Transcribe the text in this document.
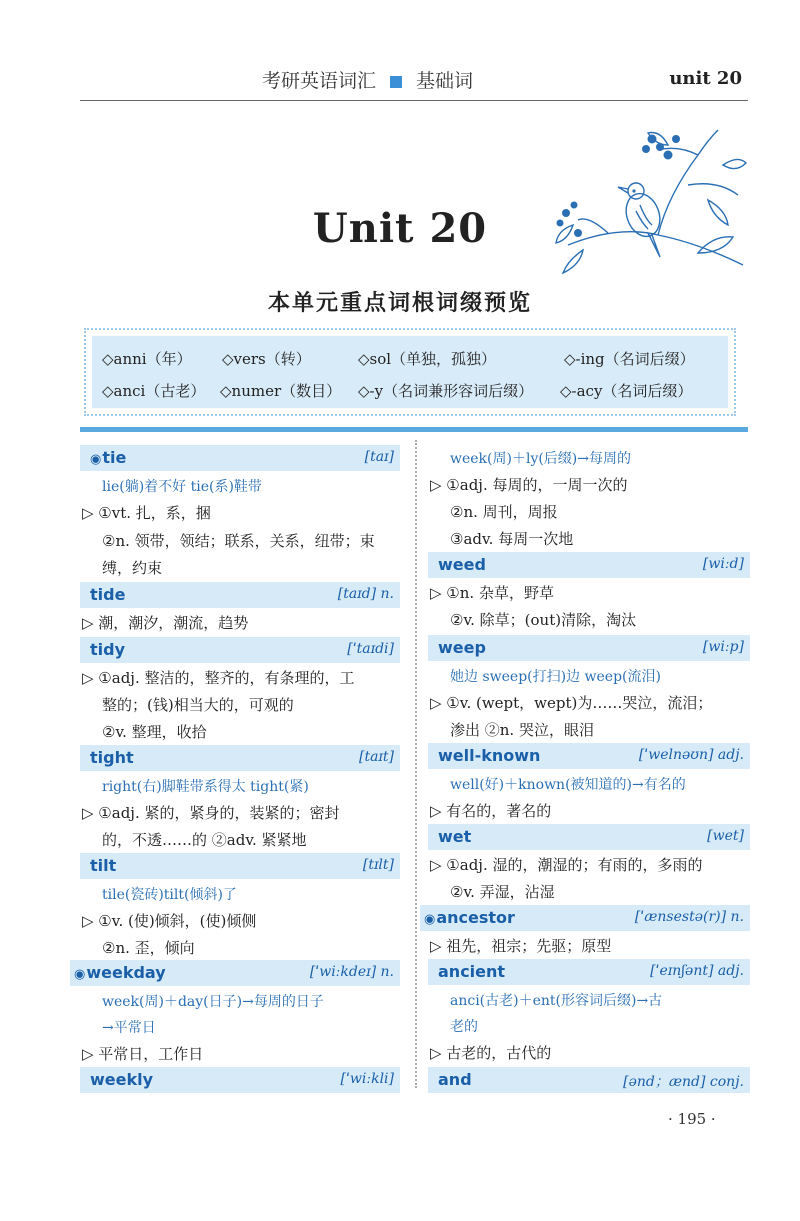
考研英语词汇 基础词	unit 20
Unit 20
本单元重点词根词缀预览
◇anni（年） ◇vers（转）	◇sol（单独，孤独）	◇-ing（名词后缀）
◇anci（古老） ◇numer（数目） ◇-y（名词兼形容词后缀） ◇-acy（名词后缀）
◉ tie	[taɪ]
lie(躺)着不好 tie(系)鞋带
▷ ①vt. 扎，系，捆
②n. 领带，领结；联系，关系，纽带；束
缚，约束
tide	[taɪd] n.
▷ 潮，潮汐，潮流，趋势
tidy	[ˈtaɪdi]
▷ ①adj. 整洁的，整齐的，有条理的，工
整的；(钱)相当大的，可观的
②v. 整理，收拾
tight	[taɪt]
right(右)脚鞋带系得太 tight(紧)
▷ ①adj. 紧的，紧身的，装紧的；密封
的，不透……的 ②adv. 紧紧地
tilt	[tɪlt]
tile(瓷砖)tilt(倾斜)了
▷ ①v. (使)倾斜，(使)倾侧
②n. 歪，倾向
◉ weekday	[ˈwiːkdeɪ] n.
week(周)＋day(日子)→每周的日子
→平常日
▷ 平常日，工作日
weekly	[ˈwiːkli]
week(周)＋ly(后缀)→每周的
▷ ①adj. 每周的，一周一次的
②n. 周刊，周报
③adv. 每周一次地
weed	[wiːd]
▷ ①n. 杂草，野草
②v. 除草；(out)清除，淘汰
weep	[wiːp]
她边 sweep(打扫)边 weep(流泪)
▷ ①v. (wept，wept)为……哭泣，流泪；
渗出 ②n. 哭泣，眼泪
well-known	[ˈwelnəʊn] adj.
well(好)＋known(被知道的)→有名的
▷ 有名的，著名的
wet	[wet]
▷ ①adj. 湿的，潮湿的；有雨的，多雨的
②v. 弄湿，沾湿
◉ ancestor	[ˈænsestə(r)] n.
▷ 祖先，祖宗；先驱；原型
ancient	[ˈeɪnʃənt] adj.
anci(古老)＋ent(形容词后缀)→古
老的
▷ 古老的，古代的
and	[ənd；ænd] conj.
· 195 ·
